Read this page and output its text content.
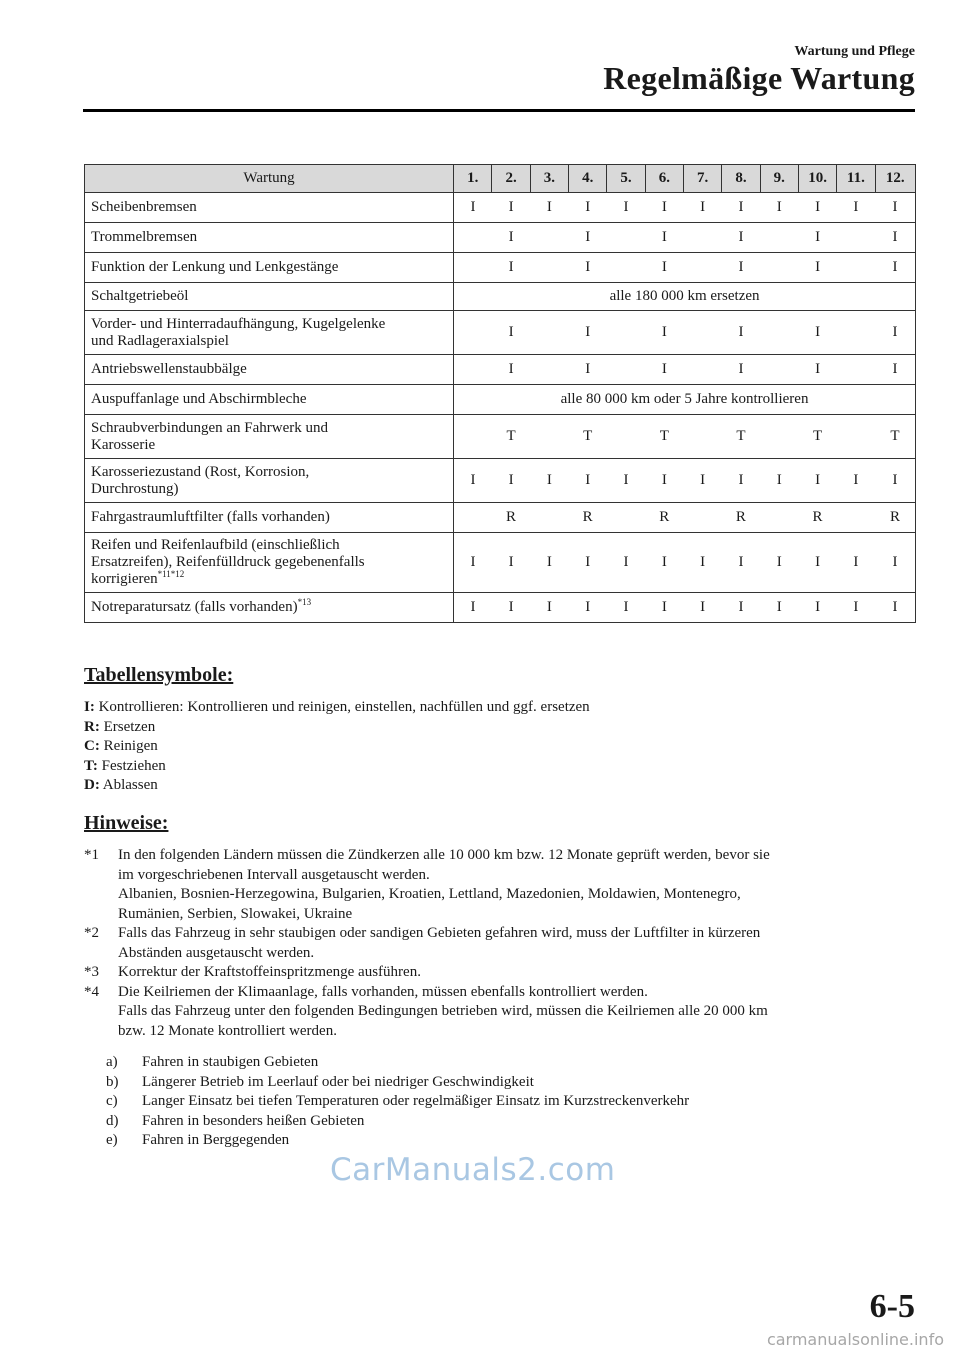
Wartung und Pflege
Regelmäßige Wartung
Wartung	1.	2.	3.	4.	5.	6.	7.	8.	9.	10.	11.	12.
Scheibenbremsen	I	I	I	I	I	I	I	I	I	I	I	I
Trommelbremsen		I		I		I		I		I		I
Funktion der Lenkung und Lenkgestänge		I		I		I		I		I		I
Schaltgetriebeöl	alle 180 000 km ersetzen											
Vorder- und Hinterradaufhängung, Kugelgelenke
und Radlageraxialspiel		I		I		I		I		I		I
Antriebswellenstaubbälge		I		I		I		I		I		I
Auspuffanlage und Abschirmbleche	alle 80 000 km oder 5 Jahre kontrollieren											
Schraubverbindungen an Fahrwerk und
Karosserie		T		T		T		T		T		T
Karosseriezustand (Rost, Korrosion,
Durchrostung)	I	I	I	I	I	I	I	I	I	I	I	I
Fahrgastraumluftfilter (falls vorhanden)		R		R		R		R		R		R
Reifen und Reifenlaufbild (einschließlich
Ersatzreifen), Reifenfülldruck gegebenenfalls
korrigieren$^{*11*12}$	I	I	I	I	I	I	I	I	I	I	I	I
Notreparatursatz (falls vorhanden)$^{*13}$	I	I	I	I	I	I	I	I	I	I	I	I
Tabellensymbole:
I: Kontrollieren: Kontrollieren und reinigen, einstellen, nachfüllen und ggf. ersetzen
R: Ersetzen
C: Reinigen
T: Festziehen
D: Ablassen
Hinweise:
*1	In den folgenden Ländern müssen die Zündkerzen alle 10 000 km bzw. 12 Monate geprüft werden, bevor sie
im vorgeschriebenen Intervall ausgetauscht werden.
Albanien, Bosnien-Herzegowina, Bulgarien, Kroatien, Lettland, Mazedonien, Moldawien, Montenegro,
Rumänien, Serbien, Slowakei, Ukraine
*2	Falls das Fahrzeug in sehr staubigen oder sandigen Gebieten gefahren wird, muss der Luftfilter in kürzeren
Abständen ausgetauscht werden.
*3	Korrektur der Kraftstoffeinspritzmenge ausführen.
*4	Die Keilriemen der Klimaanlage, falls vorhanden, müssen ebenfalls kontrolliert werden.
Falls das Fahrzeug unter den folgenden Bedingungen betrieben wird, müssen die Keilriemen alle 20 000 km
bzw. 12 Monate kontrolliert werden.
a)	Fahren in staubigen Gebieten
b)	Längerer Betrieb im Leerlauf oder bei niedriger Geschwindigkeit
c)	Langer Einsatz bei tiefen Temperaturen oder regelmäßiger Einsatz im Kurzstreckenverkehr
d)	Fahren in besonders heißen Gebieten
e)	Fahren in Berggegenden
CarManuals2.com
6-5
carmanualsonline.info
